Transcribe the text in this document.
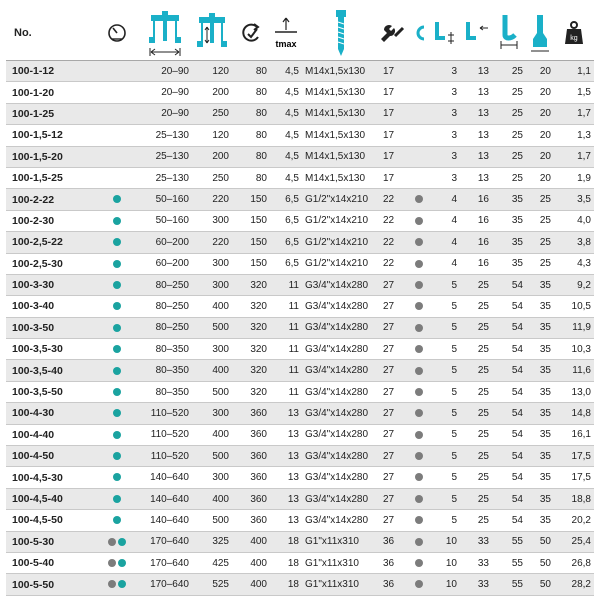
No.					tmax								kg

100-1-12		20–90	120	80	4,5	M14x1,5x130	17		3	13	25	20	1,1
100-1-20		20–90	200	80	4,5	M14x1,5x130	17		3	13	25	20	1,5
100-1-25		20–90	250	80	4,5	M14x1,5x130	17		3	13	25	20	1,7
100-1,5-12		25–130	120	80	4,5	M14x1,5x130	17		3	13	25	20	1,3
100-1,5-20		25–130	200	80	4,5	M14x1,5x130	17		3	13	25	20	1,7
100-1,5-25		25–130	250	80	4,5	M14x1,5x130	17		3	13	25	20	1,9
100-2-22		50–160	220	150	6,5	G1/2"x14x210	22		4	16	35	25	3,5
100-2-30		50–160	300	150	6,5	G1/2"x14x210	22		4	16	35	25	4,0
100-2,5-22		60–200	220	150	6,5	G1/2"x14x210	22		4	16	35	25	3,8
100-2,5-30		60–200	300	150	6,5	G1/2"x14x210	22		4	16	35	25	4,3
100-3-30		80–250	300	320	11	G3/4"x14x280	27		5	25	54	35	9,2
100-3-40		80–250	400	320	11	G3/4"x14x280	27		5	25	54	35	10,5
100-3-50		80–250	500	320	11	G3/4"x14x280	27		5	25	54	35	11,9
100-3,5-30		80–350	300	320	11	G3/4"x14x280	27		5	25	54	35	10,3
100-3,5-40		80–350	400	320	11	G3/4"x14x280	27		5	25	54	35	11,6
100-3,5-50		80–350	500	320	11	G3/4"x14x280	27		5	25	54	35	13,0
100-4-30		110–520	300	360	13	G3/4"x14x280	27		5	25	54	35	14,8
100-4-40		110–520	400	360	13	G3/4"x14x280	27		5	25	54	35	16,1
100-4-50		110–520	500	360	13	G3/4"x14x280	27		5	25	54	35	17,5
100-4,5-30		140–640	300	360	13	G3/4"x14x280	27		5	25	54	35	17,5
100-4,5-40		140–640	400	360	13	G3/4"x14x280	27		5	25	54	35	18,8
100-4,5-50		140–640	500	360	13	G3/4"x14x280	27		5	25	54	35	20,2
100-5-30		170–640	325	400	18	G1"x11x310	36		10	33	55	50	25,4
100-5-40		170–640	425	400	18	G1"x11x310	36		10	33	55	50	26,8
100-5-50		170–640	525	400	18	G1"x11x310	36		10	33	55	50	28,2
